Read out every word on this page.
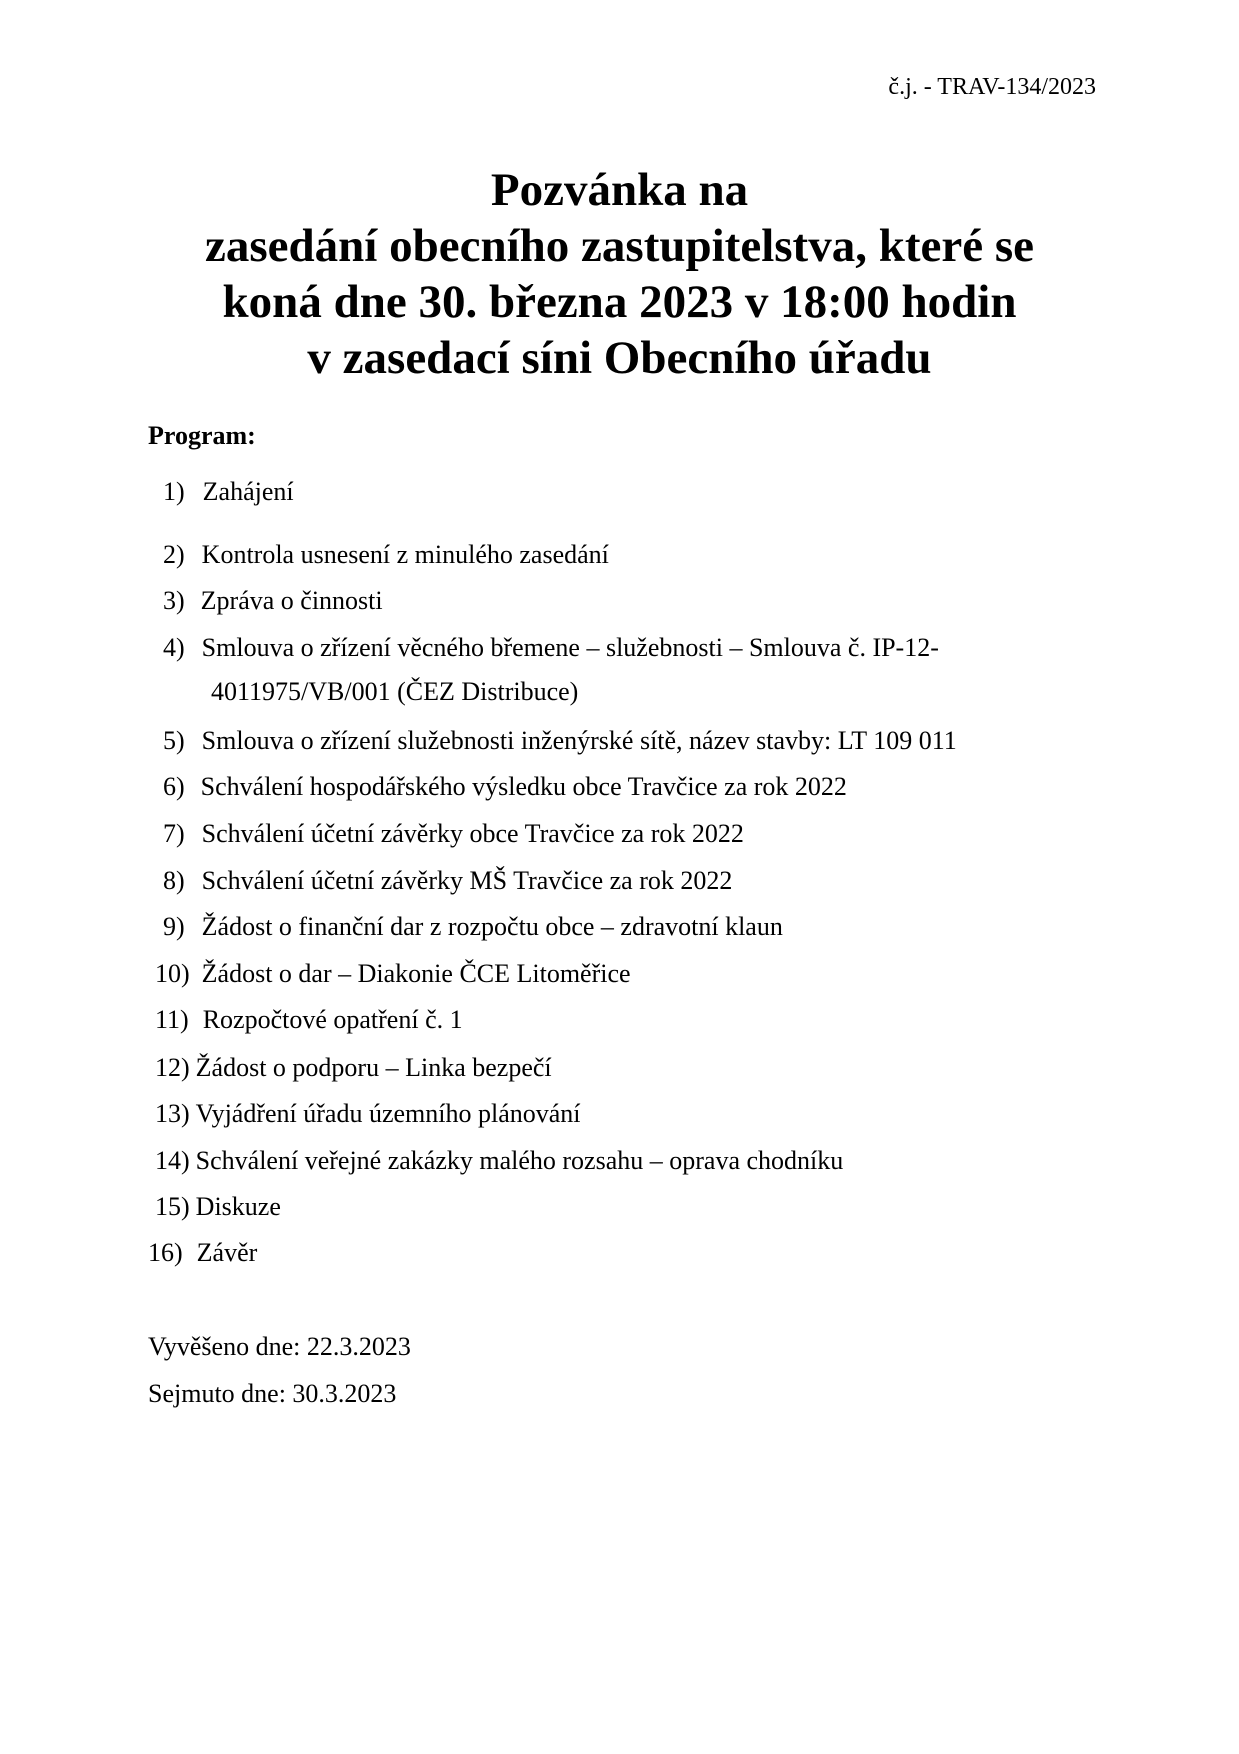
č.j. - TRAV-134/2023
Pozvánka na
zasedání obecního zastupitelstva, které se
koná dne 30. března 2023 v 18:00 hodin
v zasedací síni Obecního úřadu
Program:
1) Zahájení
2) Kontrola usnesení z minulého zasedání
3) Zpráva o činnosti
4) Smlouva o zřízení věcného břemene – služebnosti – Smlouva č. IP-12-
4011975/VB/001 (ČEZ Distribuce)
5) Smlouva o zřízení služebnosti inženýrské sítě, název stavby: LT 109 011
6) Schválení hospodářského výsledku obce Travčice za rok 2022
7) Schválení účetní závěrky obce Travčice za rok 2022
8) Schválení účetní závěrky MŠ Travčice za rok 2022
9) Žádost o finanční dar z rozpočtu obce – zdravotní klaun
10) Žádost o dar – Diakonie ČCE Litoměřice
11) Rozpočtové opatření č. 1
12) Žádost o podporu – Linka bezpečí
13) Vyjádření úřadu územního plánování
14) Schválení veřejné zakázky malého rozsahu – oprava chodníku
15) Diskuze
16) Závěr
Vyvěšeno dne: 22.3.2023
Sejmuto dne: 30.3.2023
